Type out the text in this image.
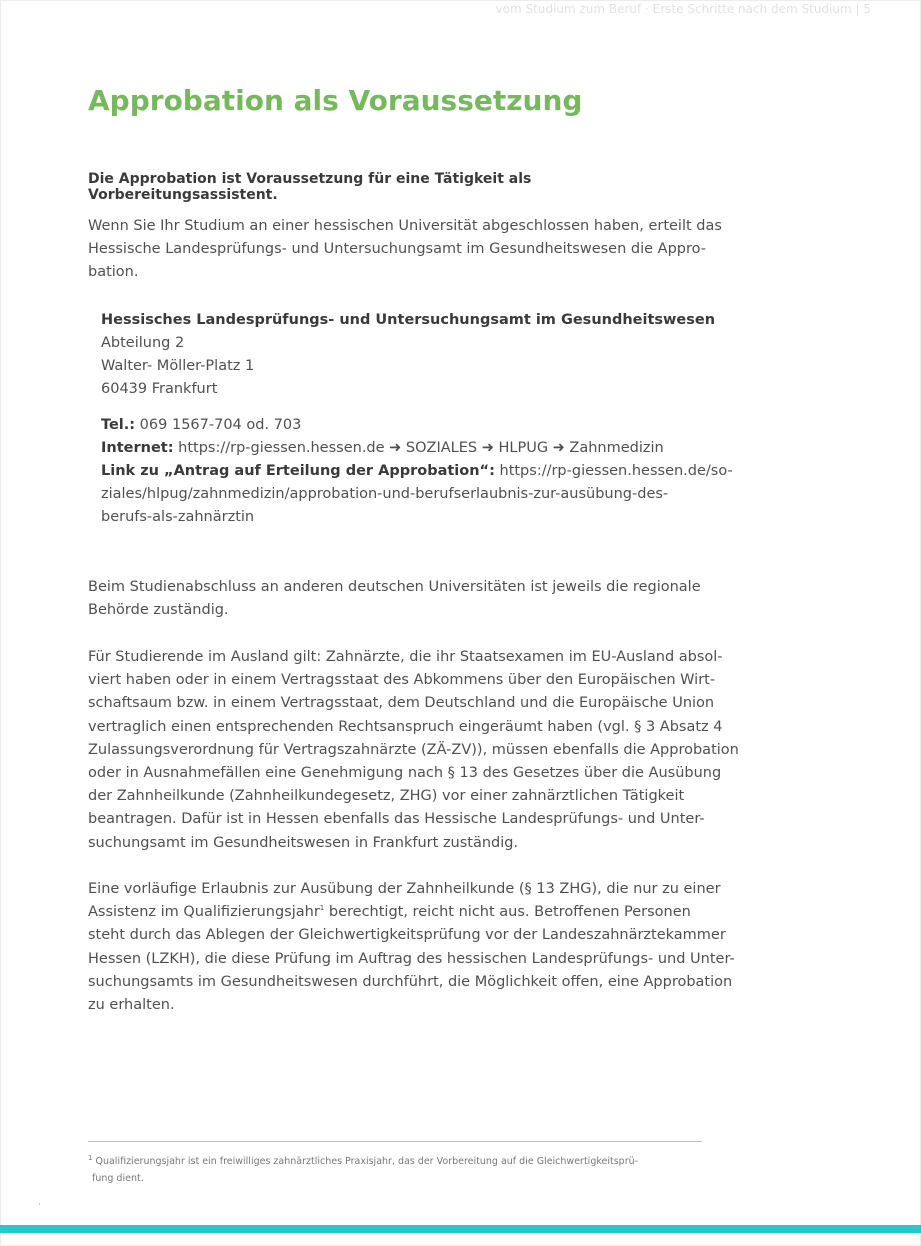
vom Studium zum Beruf · Erste Schritte nach dem Studium | 5
Approbation als Voraussetzung

Die Approbation ist Voraussetzung für eine Tätigkeit als Vorbereitungsassistent.

Wenn Sie Ihr Studium an einer hessischen Universität abgeschlossen haben, erteilt das
Hessische Landesprüfungs- und Untersuchungsamt im Gesundheitswesen die Appro-
bation.

Hessisches Landesprüfungs- und Untersuchungsamt im Gesundheitswesen
Abteilung 2
Walter- Möller-Platz 1
60439 Frankfurt
Tel.: 069 1567-704 od. 703
Internet: https://rp-giessen.hessen.de ➜ SOZIALES ➜ HLPUG ➜ Zahnmedizin
Link zu „Antrag auf Erteilung der Approbation“: https://rp-giessen.hessen.de/so-
ziales/hlpug/zahnmedizin/approbation-und-berufserlaubnis-zur-ausübung-des-
berufs-als-zahnärztin

Beim Studienabschluss an anderen deutschen Universitäten ist jeweils die regionale
Behörde zuständig.

Für Studierende im Ausland gilt: Zahnärzte, die ihr Staatsexamen im EU-Ausland absol-
viert haben oder in einem Vertragsstaat des Abkommens über den Europäischen Wirt-
schaftsaum bzw. in einem Vertragsstaat, dem Deutschland und die Europäische Union
vertraglich einen entsprechenden Rechtsanspruch eingeräumt haben (vgl. § 3 Absatz 4
Zulassungsverordnung für Vertragszahnärzte (ZÄ-ZV)), müssen ebenfalls die Approbation
oder in Ausnahmefällen eine Genehmigung nach § 13 des Gesetzes über die Ausübung
der Zahnheilkunde (Zahnheilkundegesetz, ZHG) vor einer zahnärztlichen Tätigkeit
beantragen. Dafür ist in Hessen ebenfalls das Hessische Landesprüfungs- und Unter-
suchungsamt im Gesundheitswesen in Frankfurt zuständig.

Eine vorläufige Erlaubnis zur Ausübung der Zahnheilkunde (§ 13 ZHG), die nur zu einer
Assistenz im Qualifizierungsjahr$^1$ berechtigt, reicht nicht aus. Betroffenen Personen
steht durch das Ablegen der Gleichwertigkeitsprüfung vor der Landeszahnärztekammer
Hessen (LZKH), die diese Prüfung im Auftrag des hessischen Landesprüfungs- und Unter-
suchungsamts im Gesundheitswesen durchführt, die Möglichkeit offen, eine Approbation
zu erhalten.

$^1$ Qualifizierungsjahr ist ein freiwilliges zahnärztliches Praxisjahr, das der Vorbereitung auf die Gleichwertigkeitsprü-
fung dient.
·
